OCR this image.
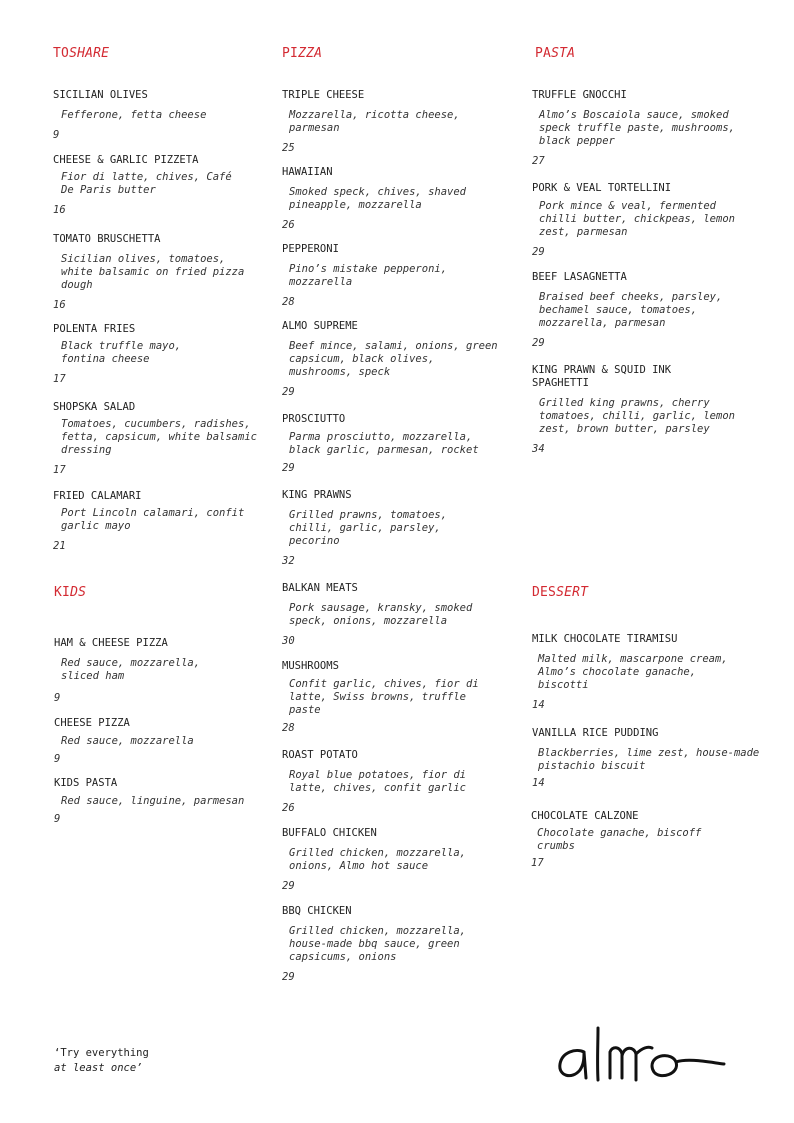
TOSHARE	PIZZA	PASTA
KIDS	DESSERT
SICILIAN OLIVES
Fefferone, fetta cheese
9
CHEESE & GARLIC PIZZETA
Fior di latte, chives, Café De Paris butter
16
TOMATO BRUSCHETTA
Sicilian olives, tomatoes, white balsamic on fried pizza dough
16
POLENTA FRIES
Black truffle mayo, fontina cheese
17
SHOPSKA SALAD
Tomatoes, cucumbers, radishes, fetta, capsicum, white balsamic dressing
17
FRIED CALAMARI
Port Lincoln calamari, confit garlic mayo
21
HAM & CHEESE PIZZA
Red sauce, mozzarella, sliced ham
9
CHEESE PIZZA
Red sauce, mozzarella
9
KIDS PASTA
Red sauce, linguine, parmesan
9
TRIPLE CHEESE
Mozzarella, ricotta cheese, parmesan
25
HAWAIIAN
Smoked speck, chives, shaved pineapple, mozzarella
26
PEPPERONI
Pino’s mistake pepperoni, mozzarella
28
ALMO SUPREME
Beef mince, salami, onions, green capsicum, black olives, mushrooms, speck
29
PROSCIUTTO
Parma prosciutto, mozzarella, black garlic, parmesan, rocket
29
KING PRAWNS
Grilled prawns, tomatoes, chilli, garlic, parsley, pecorino
32
BALKAN MEATS
Pork sausage, kransky, smoked speck, onions, mozzarella
30
MUSHROOMS
Confit garlic, chives, fior di latte, Swiss browns, truffle paste
28
ROAST POTATO
Royal blue potatoes, fior di latte, chives, confit garlic
26
BUFFALO CHICKEN
Grilled chicken, mozzarella, onions, Almo hot sauce
29
BBQ CHICKEN
Grilled chicken, mozzarella, house-made bbq sauce, green capsicums, onions
29
TRUFFLE GNOCCHI
Almo’s Boscaiola sauce, smoked speck truffle paste, mushrooms, black pepper
27
PORK & VEAL TORTELLINI
Pork mince & veal, fermented chilli butter, chickpeas, lemon zest, parmesan
29
BEEF LASAGNETTA
Braised beef cheeks, parsley, bechamel sauce, tomatoes, mozzarella, parmesan
29
KING PRAWN & SQUID INK SPAGHETTI
Grilled king prawns, cherry tomatoes, chilli, garlic, lemon zest, brown butter, parsley
34
MILK CHOCOLATE TIRAMISU
Malted milk, mascarpone cream, Almo’s chocolate ganache, biscotti
14
VANILLA RICE PUDDING
Blackberries, lime zest, house-made pistachio biscuit
14
CHOCOLATE CALZONE
Chocolate ganache, biscoff crumbs
17
‘Try everything
at least once’
